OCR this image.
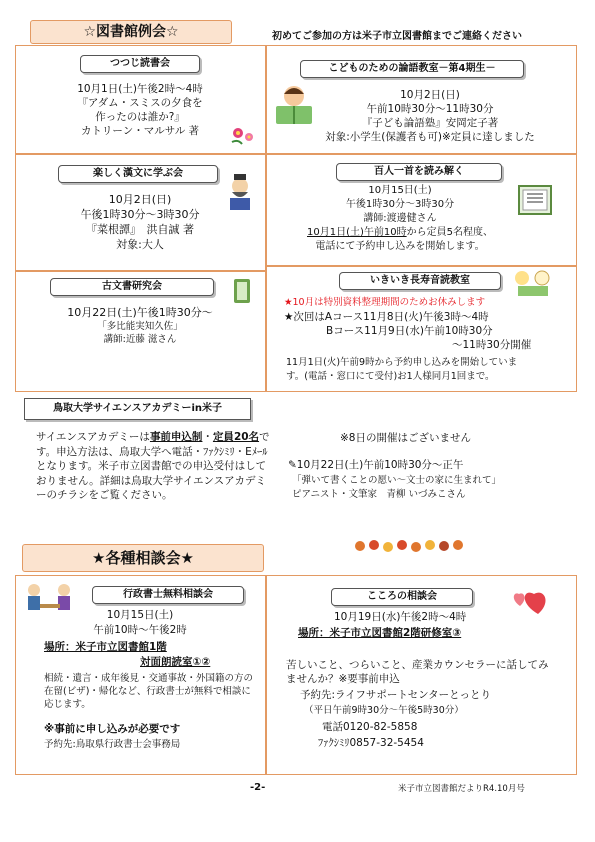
☆図書館例会☆	初めてご参加の方は米子市立図書館までご連絡ください
つつじ読書会
10月1日(土)午後2時～4時
『アダム・スミスの夕食を
作ったのは誰か?』
カトリーン・マルサル 著
こどものための論語教室－第4期生－
10月2日(日)
午前10時30分～11時30分
『子ども論語塾』安岡定子著
対象:小学生(保護者も可)※定員に達しました
楽しく漢文に学ぶ会
10月2日(日)
午後1時30分～3時30分
『菜根譚』　洪自誠 著
対象:大人
百人一首を読み解く
10月15日(土)
午後1時30分～3時30分
講師:渡邊健さん
10月1日(土)午前10時から定員5名程度、
電話にて予約申し込みを開始します。
古文書研究会
10月22日(土)午後1時30分～
「多比能実知久佐」
講師:近藤 滋さん
いきいき長寿音読教室
★10月は特別資料整理期間のためお休みします
★次回はAコース11月8日(火)午後3時～4時
Bコース11月9日(水)午前10時30分
～11時30分開催
11月1日(火)午前9時から予約申し込みを開始していま
す。(電話・窓口にて受付)お1人様同月1回まで。
鳥取大学サイエンスアカデミーin米子
サイエンスアカデミーは事前申込制・定員20名です。申込方法は、鳥取大学へ電話・ﾌｧｸｼﾐﾘ・Eﾒｰﾙとなります。米子市立図書館での申込受付はしておりません。詳細は鳥取大学サイエンスアカデミーのチラシをご覧ください。
※8日の開催はございません
✎10月22日(土)午前10時30分～正午
「弾いて書くことの愿い～文士の家に生まれて」
ピアニスト・文筆家　青柳 いづみこさん
★各種相談会★
行政書士無料相談会
10月15日(土)
午前10時～午後2時
場所：米子市立図書館1階
対面朗読室①②
相続・遺言・成年後見・交通事故・外国籍の方の在留(ビザ)・帰化など、行政書士が無料で相談に応じます。
※事前に申し込みが必要です
予約先:鳥取県行政書士会事務局
こころの相談会
10月19日(水)午後2時～4時
場所：米子市立図書館2階研修室③
苦しいこと、つらいこと、産業カウンセラーに話してみませんか？※要事前申込
予約先:ライフサポートセンターとっとり
（平日午前9時30分～午後5時30分）
電話0120-82-5858
ﾌｧｸｼﾐﾘ0857-32-5454
-2-	米子市立図書館だよりR4.10月号
